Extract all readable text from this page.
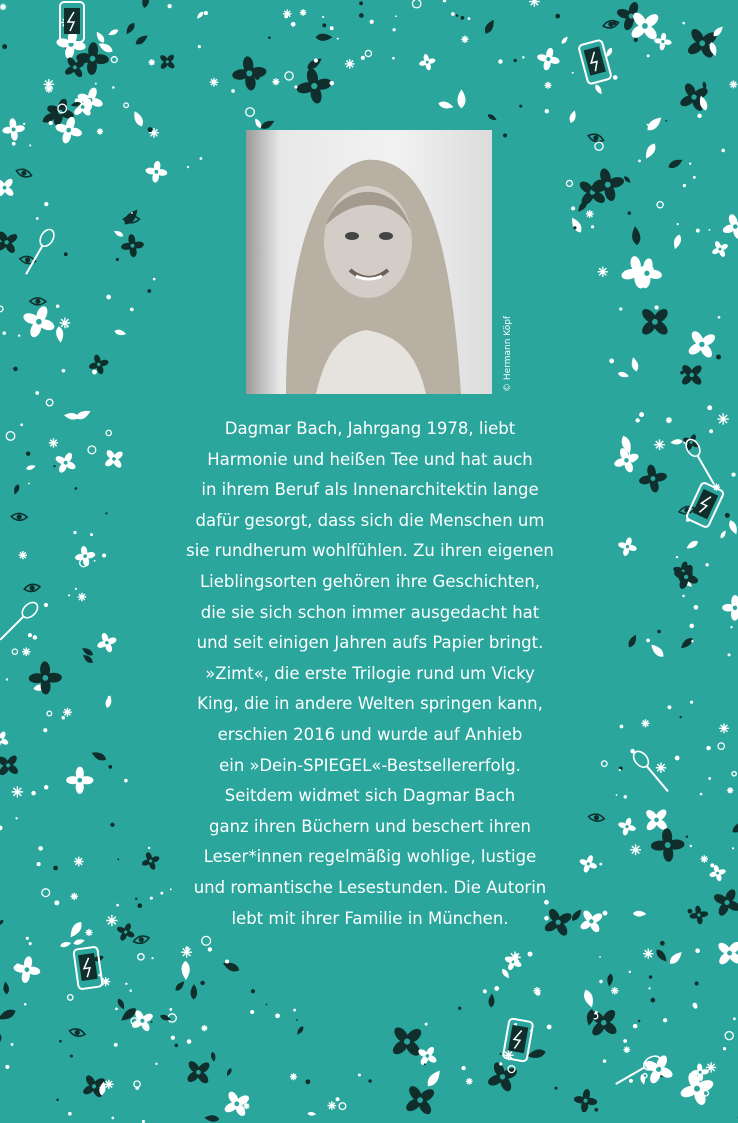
© Hermann Köpf
Dagmar Bach, Jahrgang 1978, liebt
Harmonie und heißen Tee und hat auch
in ihrem Beruf als Innenarchitektin lange
dafür gesorgt, dass sich die Menschen um
sie rundherum wohlfühlen. Zu ihren eigenen
Lieblingsorten gehören ihre Geschichten,
die sie sich schon immer ausgedacht hat
und seit einigen Jahren aufs Papier bringt.
»Zimt«, die erste Trilogie rund um Vicky
King, die in andere Welten springen kann,
erschien 2016 und wurde auf Anhieb
ein »Dein-SPIEGEL«-Bestsellererfolg.
Seitdem widmet sich Dagmar Bach
ganz ihren Büchern und beschert ihren
Leser*innen regelmäßig wohlige, lustige
und romantische Lesestunden. Die Autorin
lebt mit ihrer Familie in München.
